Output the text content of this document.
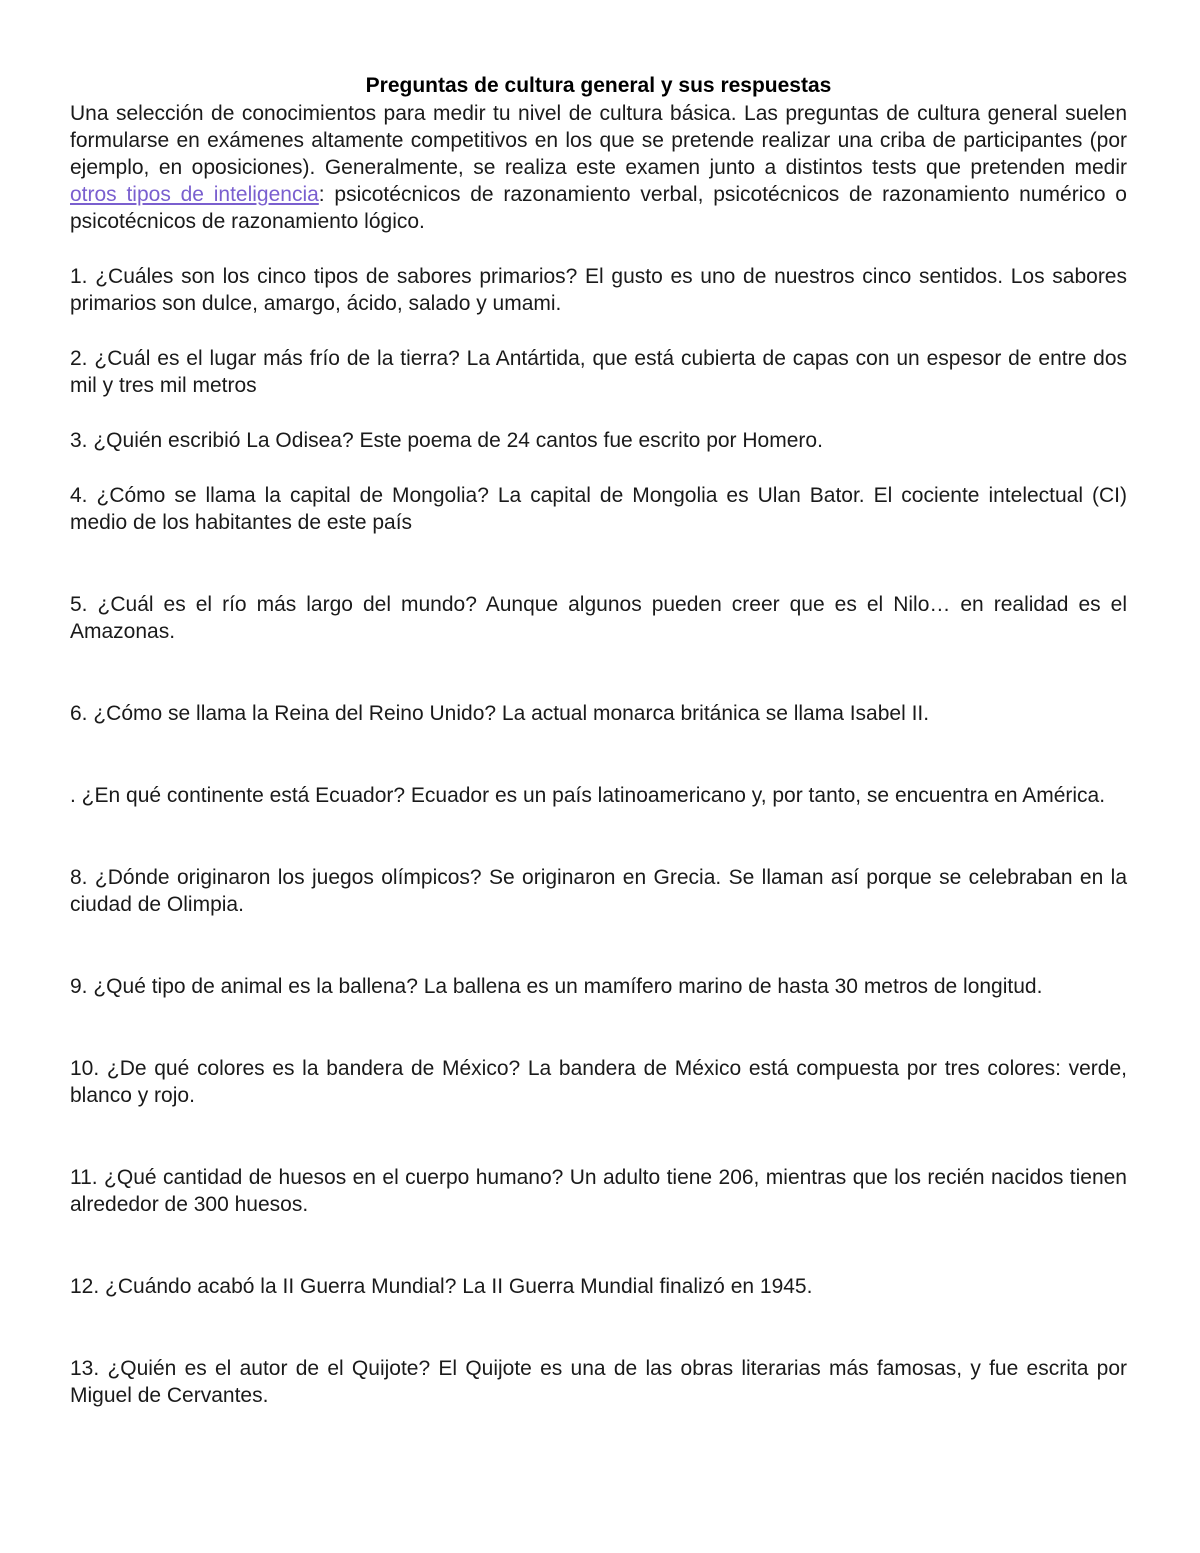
Preguntas de cultura general y sus respuestas

Una selección de conocimientos para medir tu nivel de cultura básica. Las preguntas de cultura general suelen formularse en exámenes altamente competitivos en los que se pretende realizar una criba de participantes (por ejemplo, en oposiciones). Generalmente, se realiza este examen junto a distintos tests que pretenden medir otros tipos de inteligencia: psicotécnicos de razonamiento verbal, psicotécnicos de razonamiento numérico o psicotécnicos de razonamiento lógico.

1. ¿Cuáles son los cinco tipos de sabores primarios? El gusto es uno de nuestros cinco sentidos. Los sabores primarios son dulce, amargo, ácido, salado y umami.

2. ¿Cuál es el lugar más frío de la tierra? La Antártida, que está cubierta de capas con un espesor de entre dos mil y tres mil metros

3. ¿Quién escribió La Odisea? Este poema de 24 cantos fue escrito por Homero.

4. ¿Cómo se llama la capital de Mongolia? La capital de Mongolia es Ulan Bator. El cociente intelectual (CI) medio de los habitantes de este país

5. ¿Cuál es el río más largo del mundo? Aunque algunos pueden creer que es el Nilo… en realidad es el Amazonas.

6. ¿Cómo se llama la Reina del Reino Unido? La actual monarca británica se llama Isabel II.

. ¿En qué continente está Ecuador? Ecuador es un país latinoamericano y, por tanto, se encuentra en América.

8. ¿Dónde originaron los juegos olímpicos? Se originaron en Grecia. Se llaman así porque se celebraban en la ciudad de Olimpia.

9. ¿Qué tipo de animal es la ballena? La ballena es un mamífero marino de hasta 30 metros de longitud.

10. ¿De qué colores es la bandera de México? La bandera de México está compuesta por tres colores: verde, blanco y rojo.

11. ¿Qué cantidad de huesos en el cuerpo humano? Un adulto tiene 206, mientras que los recién nacidos tienen alrededor de 300 huesos.

12. ¿Cuándo acabó la II Guerra Mundial? La II Guerra Mundial finalizó en 1945.

13. ¿Quién es el autor de el Quijote? El Quijote es una de las obras literarias más famosas, y fue escrita por Miguel de Cervantes.
